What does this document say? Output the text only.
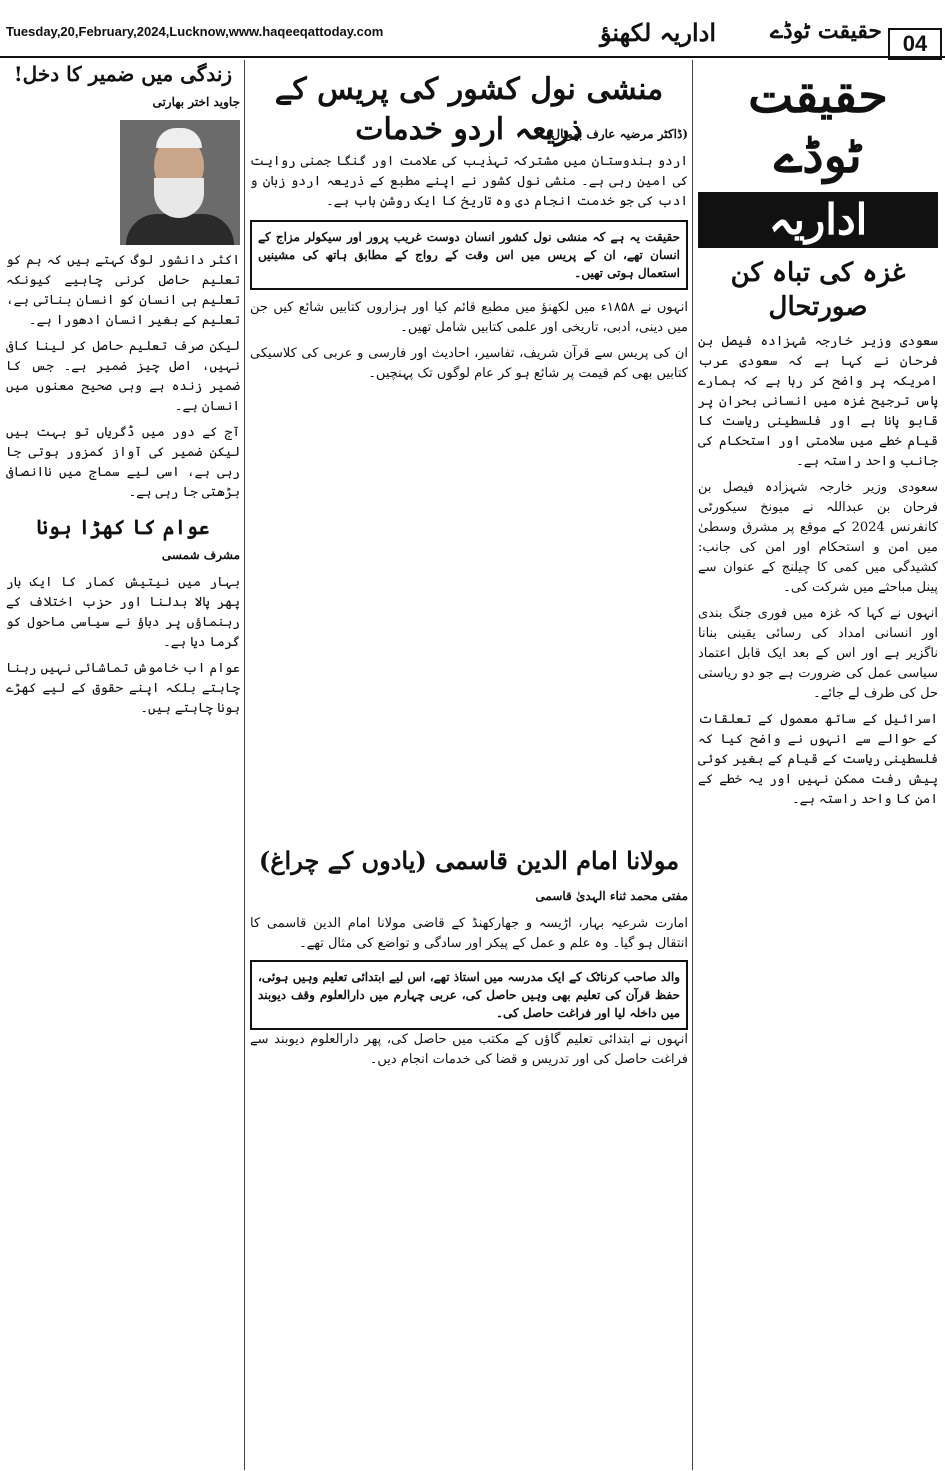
Tuesday,20,February,2024,Lucknow,www.haqeeqattoday.com	اداریہ لکھنؤ حقیقت ٹوڈے 04
حقیقت ٹوڈے
اداریہ
غزہ کی تباہ کن صورتحال

سعودی وزیر خارجہ شہزادہ فیصل بن فرحان نے کہا ہے کہ سعودی عرب امریکہ پر واضح کر رہا ہے کہ ہمارے پاس ترجیح غزہ میں انسانی بحران پر قابو پانا ہے اور فلسطینی ریاست کا قیام خطے میں سلامتی اور استحکام کی جانب واحد راستہ ہے۔

سعودی وزیر خارجہ شہزادہ فیصل بن فرحان بن عبداللہ نے میونخ سیکورٹی کانفرنس 2024 کے موقع پر مشرق وسطیٰ میں امن و استحکام اور امن کی جانب: کشیدگی میں کمی کا چیلنج کے عنوان سے پینل مباحثے میں شرکت کی۔

انہوں نے کہا کہ غزہ میں فوری جنگ بندی اور انسانی امداد کی رسائی یقینی بنانا ناگزیر ہے اور اس کے بعد ایک قابل اعتماد سیاسی عمل کی ضرورت ہے جو دو ریاستی حل کی طرف لے جائے۔

اسرائیل کے ساتھ معمول کے تعلقات کے حوالے سے انہوں نے واضح کیا کہ فلسطینی ریاست کے قیام کے بغیر کوئی پیش رفت ممکن نہیں اور یہ خطے کے امن کا واحد راستہ ہے۔

منشی نول کشور کی پریس کے ذریعہ اردو خدمات
(ڈاکٹر مرضیہ عارف بھوپال)

اردو ہندوستان میں مشترکہ تہذیب کی علامت اور گنگا جمنی روایت کی امین رہی ہے۔ منشی نول کشور نے اپنے مطبع کے ذریعہ اردو زبان و ادب کی جو خدمت انجام دی وہ تاریخ کا ایک روشن باب ہے۔

حقیقت یہ ہے کہ منشی نول کشور انسان دوست غریب پرور اور سیکولر مزاج کے انسان تھے، ان کے پریس میں اس وقت کے رواج کے مطابق ہاتھ کی مشینیں استعمال ہوتی تھیں۔

انہوں نے ۱۸۵۸ء میں لکھنؤ میں مطبع قائم کیا اور ہزاروں کتابیں شائع کیں جن میں دینی، ادبی، تاریخی اور علمی کتابیں شامل تھیں۔

ان کی پریس سے قرآن شریف، تفاسیر، احادیث اور فارسی و عربی کی کلاسیکی کتابیں بھی کم قیمت پر شائع ہو کر عام لوگوں تک پہنچیں۔

مولانا امام الدین قاسمی (یادوں کے چراغ)
مفتی محمد ثناء الہدیٰ قاسمی

امارت شرعیہ بہار، اڑیسہ و جھارکھنڈ کے قاضی مولانا امام الدین قاسمی کا انتقال ہو گیا۔ وہ علم و عمل کے پیکر اور سادگی و تواضع کی مثال تھے۔

والد صاحب کرناٹک کے ایک مدرسہ میں استاذ تھے، اس لیے ابتدائی تعلیم وہیں ہوئی، حفظ قرآن کی تعلیم بھی وہیں حاصل کی، عربی چہارم میں دارالعلوم وقف دیوبند میں داخلہ لیا اور فراغت حاصل کی۔

انہوں نے ابتدائی تعلیم گاؤں کے مکتب میں حاصل کی، پھر دارالعلوم دیوبند سے فراغت حاصل کی اور تدریس و قضا کی خدمات انجام دیں۔

زندگی میں ضمیر کا دخل!
جاوید اختر بھارتی

اکثر دانشور لوگ کہتے ہیں کہ ہم کو تعلیم حاصل کرنی چاہیے کیونکہ تعلیم ہی انسان کو انسان بناتی ہے، تعلیم کے بغیر انسان ادھورا ہے۔

لیکن صرف تعلیم حاصل کر لینا کافی نہیں، اصل چیز ضمیر ہے۔ جس کا ضمیر زندہ ہے وہی صحیح معنوں میں انسان ہے۔

آج کے دور میں ڈگریاں تو بہت ہیں لیکن ضمیر کی آواز کمزور ہوتی جا رہی ہے، اسی لیے سماج میں ناانصافی بڑھتی جا رہی ہے۔

عوام کا کھڑا ہونا
مشرف شمسی

بہار میں نیتیش کمار کا ایک بار پھر پالا بدلنا اور حزب اختلاف کے رہنماؤں پر دباؤ نے سیاسی ماحول کو گرما دیا ہے۔

عوام اب خاموش تماشائی نہیں رہنا چاہتے بلکہ اپنے حقوق کے لیے کھڑے ہونا چاہتے ہیں۔
